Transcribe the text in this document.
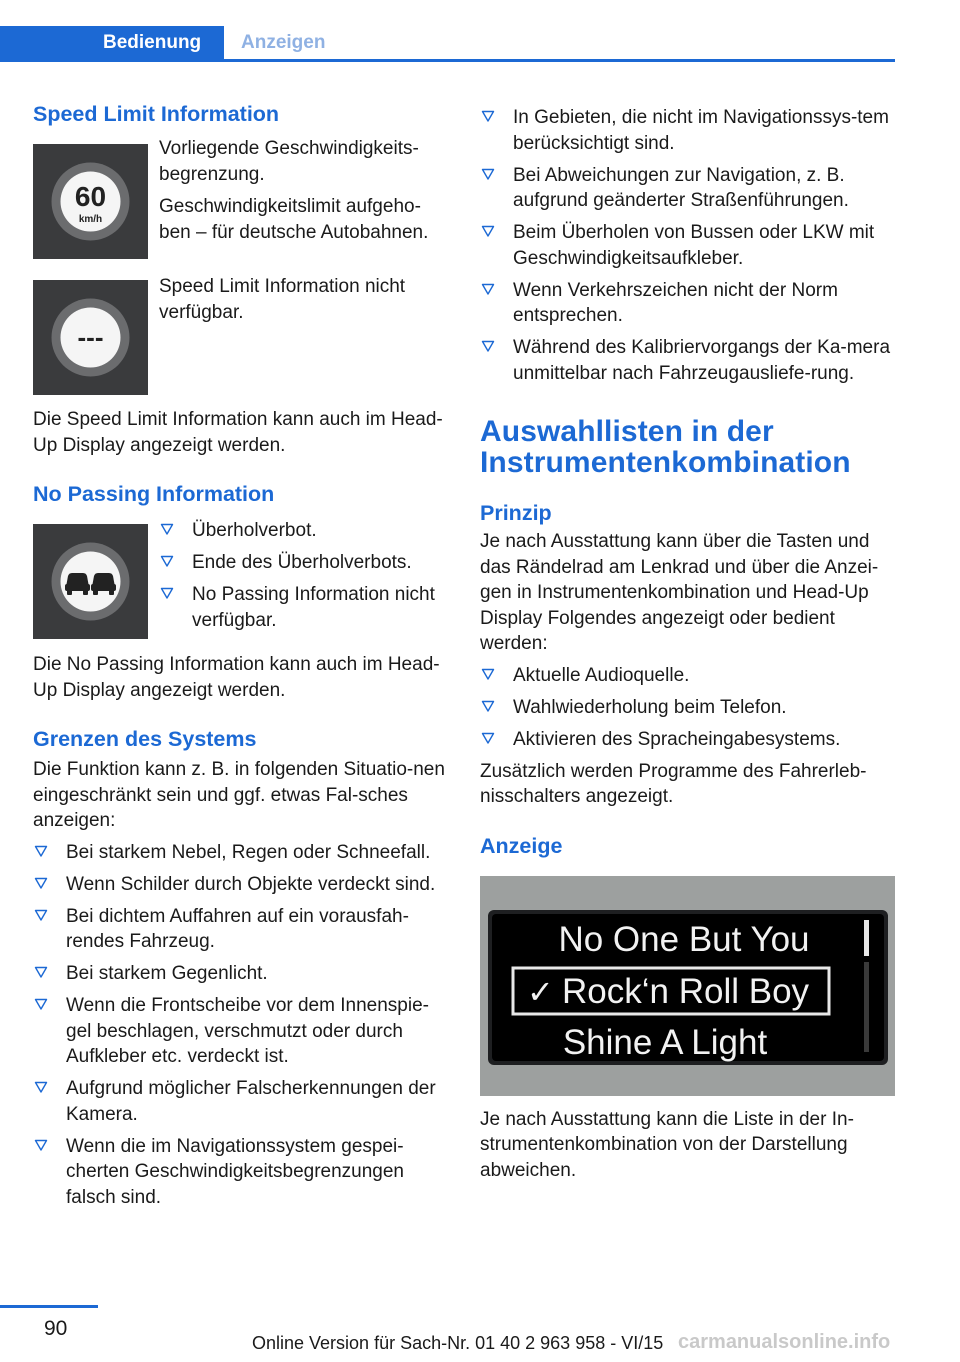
Bedienung	Anzeigen
Speed Limit Information
60
km/h

Vorliegende Geschwindigkeits-begrenzung.

Geschwindigkeitslimit aufgeho-ben – für deutsche Autobahnen.

---

Speed Limit Information nicht verfügbar.

Die Speed Limit Information kann auch im Head-Up Display angezeigt werden.

No Passing Information
Überholverbot.
Ende des Überholverbots.
No Passing Information nicht verfügbar.

Die No Passing Information kann auch im Head-Up Display angezeigt werden.

Grenzen des Systems

Die Funktion kann z. B. in folgenden Situatio-nen eingeschränkt sein und ggf. etwas Fal-sches anzeigen:

Bei starkem Nebel, Regen oder Schneefall.
Wenn Schilder durch Objekte verdeckt sind.
Bei dichtem Auffahren auf ein vorausfah-rendes Fahrzeug.
Bei starkem Gegenlicht.
Wenn die Frontscheibe vor dem Innenspie-gel beschlagen, verschmutzt oder durch Aufkleber etc. verdeckt ist.
Aufgrund möglicher Falscherkennungen der Kamera.
Wenn die im Navigationssystem gespei-cherten Geschwindigkeitsbegrenzungen falsch sind.
In Gebieten, die nicht im Navigationssys-tem berücksichtigt sind.
Bei Abweichungen zur Navigation, z. B. aufgrund geänderter Straßenführungen.
Beim Überholen von Bussen oder LKW mit Geschwindigkeitsaufkleber.
Wenn Verkehrszeichen nicht der Norm entsprechen.
Während des Kalibriervorgangs der Ka-mera unmittelbar nach Fahrzeugausliefe-rung.
Auswahllisten in der
Instrumentenkombination
Prinzip

Je nach Ausstattung kann über die Tasten und das Rändelrad am Lenkrad und über die Anzei-gen in Instrumentenkombination und Head-Up Display Folgendes angezeigt oder bedient werden:

Aktuelle Audioquelle.
Wahlwiederholung beim Telefon.
Aktivieren des Spracheingabesystems.

Zusätzlich werden Programme des Fahrerleb-nisschalters angezeigt.

Anzeige
No One But You
✓ Rock‘n Roll Boy
Shine A Light

Je nach Ausstattung kann die Liste in der In-strumentenkombination von der Darstellung abweichen.

90
Online Version für Sach-Nr. 01 40 2 963 958 - VI/15 carmanualsonline.info
